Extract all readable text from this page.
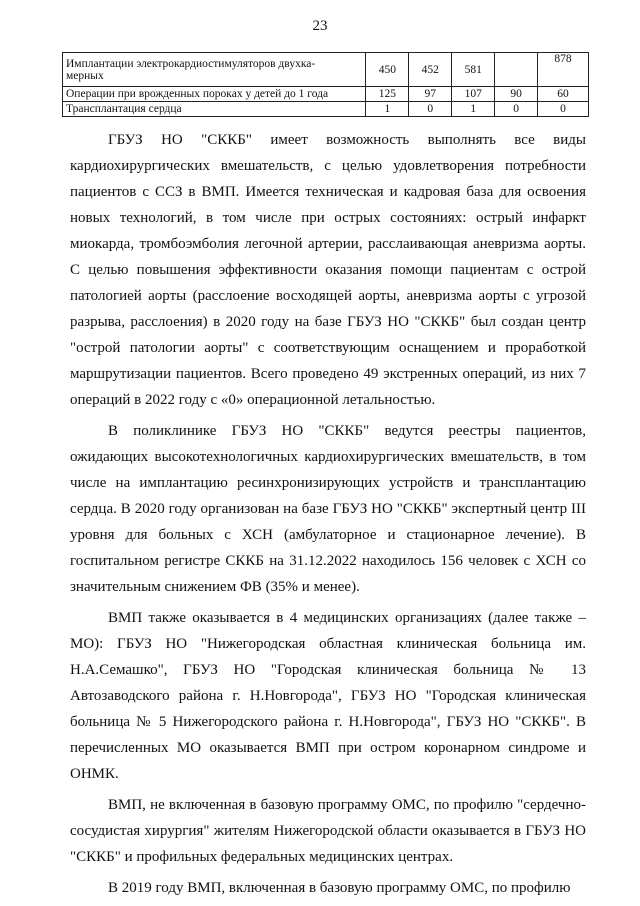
23
Имплантации электрокардиостимуляторов двухка-
мерных	450	452	581		878
Операции при врожденных пороках у детей до 1 года	125	97	107	90	60
Трансплантация сердца	1	0	1	0	0

ГБУЗ НО "СККБ" имеет возможность выполнять все виды кардиохирургических вмешательств, с целью удовлетворения потребности пациентов с ССЗ в ВМП. Имеется техническая и кадровая база для освоения новых технологий, в том числе при острых состояниях: острый инфаркт миокарда, тромбоэмболия легочной артерии, расслаивающая аневризма аорты. С целью повышения эффективности оказания помощи пациентам с острой патологией аорты (расслоение восходящей аорты, аневризма аорты с угрозой разрыва, расслоения) в 2020 году на базе ГБУЗ НО "СККБ" был создан центр "острой патологии аорты" с соответствующим оснащением и проработкой маршрутизации пациентов. Всего проведено 49 экстренных операций, из них 7 операций в 2022 году с «0» операционной летальностью.

В поликлинике ГБУЗ НО "СККБ" ведутся реестры пациентов, ожидающих высокотехнологичных кардиохирургических вмешательств, в том числе на имплантацию ресинхронизирующих устройств и трансплантацию сердца. В 2020 году организован на базе ГБУЗ НО "СККБ" экспертный центр III уровня для больных с ХСН (амбулаторное и стационарное лечение). В госпитальном регистре СККБ на 31.12.2022 находилось 156 человек с ХСН со значительным снижением ФВ (35% и менее).

ВМП также оказывается в 4 медицинских организациях (далее также – МО): ГБУЗ НО "Нижегородская областная клиническая больница им. Н.А.Семашко", ГБУЗ НО "Городская клиническая больница № 13 Автозаводского района г. Н.Новгорода", ГБУЗ НО "Городская клиническая больница № 5 Нижегородского района г. Н.Новгорода", ГБУЗ НО "СККБ". В перечисленных МО оказывается ВМП при остром коронарном синдроме и ОНМК.

ВМП, не включенная в базовую программу ОМС, по профилю "сердечно-сосудистая хирургия" жителям Нижегородской области оказывается в ГБУЗ НО "СККБ" и профильных федеральных медицинских центрах.

В 2019 году ВМП, включенная в базовую программу ОМС, по профилю
